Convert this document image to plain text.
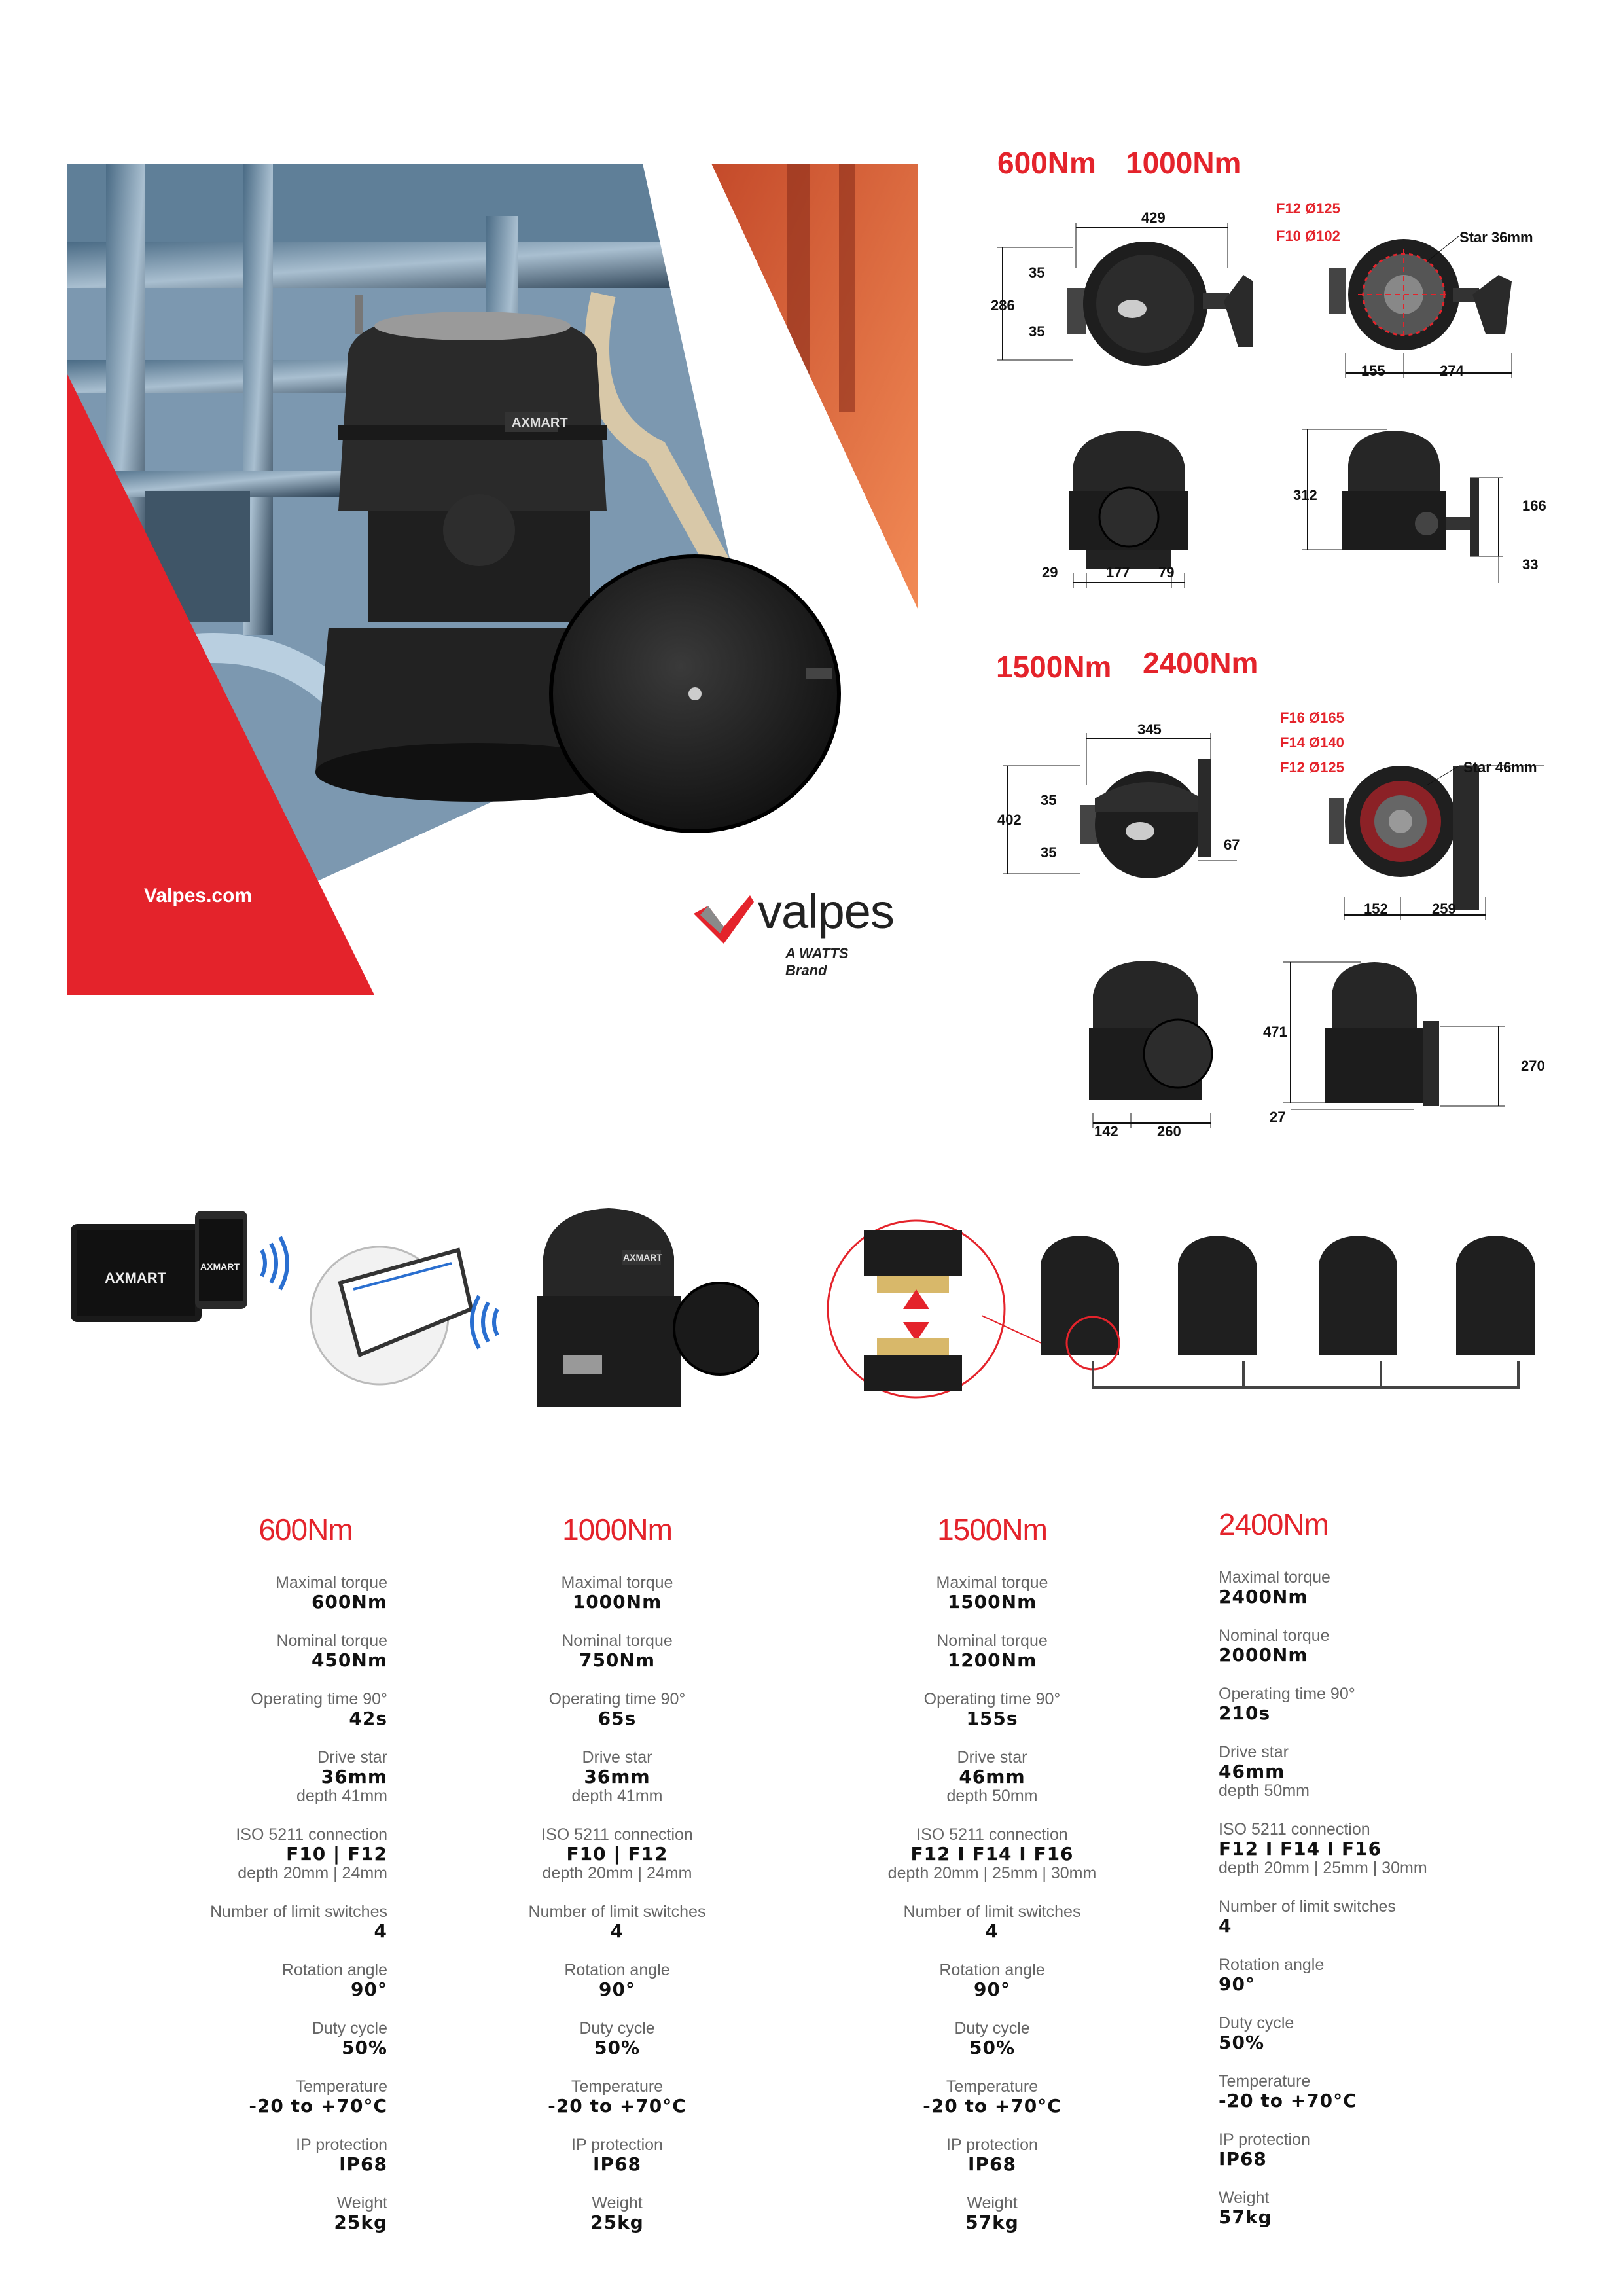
AXMART
Valpes.com	valpes
A WATTS Brand
600Nm 1000Nm
429
286
35
35
F12 Ø125
F10 Ø102	Star 36mm
155	274
29	177 79
312
166
33
1500Nm 2400Nm
345
402
35
35	67
F16 Ø165
F14 Ø140
F12 Ø125	Star 46mm
152	259
142	260
471
270
27
AXMART
AXMART
AXMART
600Nm
Maximal torque
600Nm
Nominal torque
450Nm
Operating time 90°
42s
Drive star
36mm
depth 41mm
ISO 5211 connection
F10 | F12
depth 20mm | 24mm
Number of limit switches
4
Rotation angle
90°
Duty cycle
50%
Temperature
-20 to +70°C
IP protection
IP68
Weight
25kg
1000Nm
Maximal torque
1000Nm
Nominal torque
750Nm
Operating time 90°
65s
Drive star
36mm
depth 41mm
ISO 5211 connection
F10 | F12
depth 20mm | 24mm
Number of limit switches
4
Rotation angle
90°
Duty cycle
50%
Temperature
-20 to +70°C
IP protection
IP68
Weight
25kg
1500Nm
Maximal torque
1500Nm
Nominal torque
1200Nm
Operating time 90°
155s
Drive star
46mm
depth 50mm
ISO 5211 connection
F12 I F14 I F16
depth 20mm | 25mm | 30mm
Number of limit switches
4
Rotation angle
90°
Duty cycle
50%
Temperature
-20 to +70°C
IP protection
IP68
Weight
57kg
2400Nm
Maximal torque
2400Nm
Nominal torque
2000Nm
Operating time 90°
210s
Drive star
46mm
depth 50mm
ISO 5211 connection
F12 I F14 I F16
depth 20mm | 25mm | 30mm
Number of limit switches
4
Rotation angle
90°
Duty cycle
50%
Temperature
-20 to +70°C
IP protection
IP68
Weight
57kg
